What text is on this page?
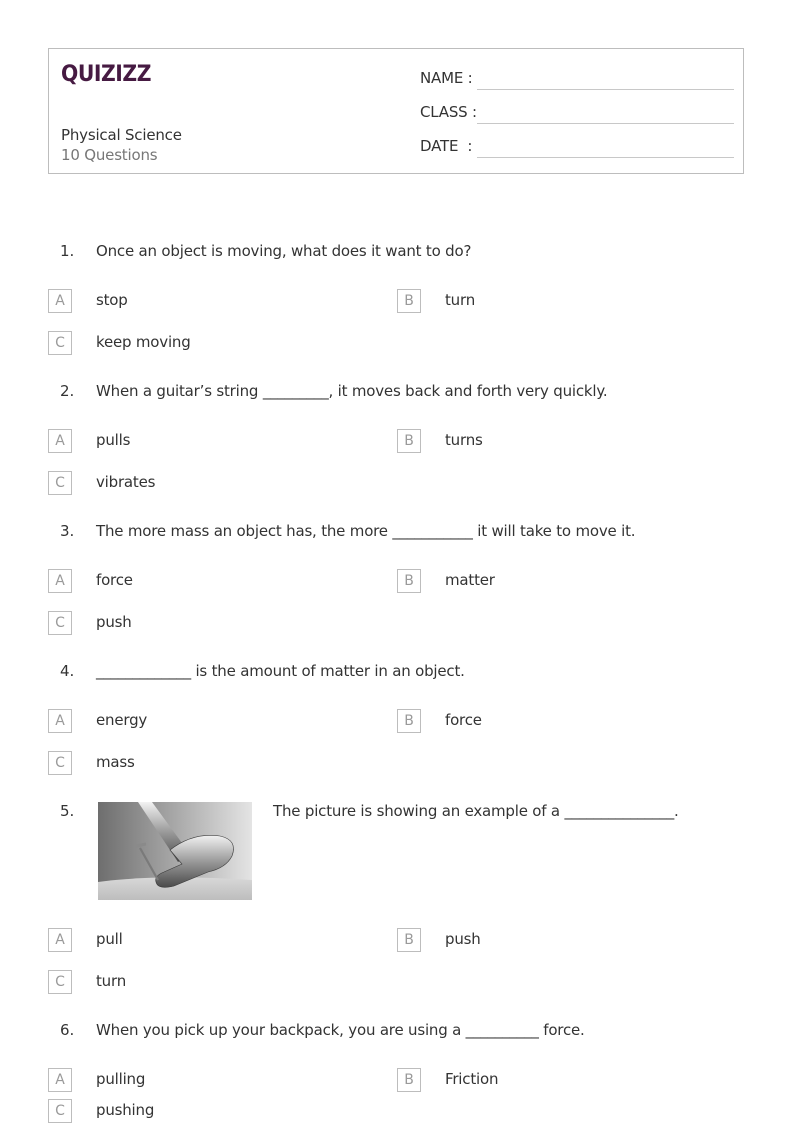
QUIZIZZ
Physical Science
10 Questions
NAME :
CLASS :
DATE  :
1. Once an object is moving, what does it want to do?
A	stop	B	turn
C	keep moving
2. When a guitar’s string _________, it moves back and forth very quickly.
A	pulls	B	turns
C	vibrates
3. The more mass an object has, the more ___________ it will take to move it.
A	force	B	matter
C	push
4. _____________ is the amount of matter in an object.
A	energy	B	force
C	mass
5.	The picture is showing an example of a _______________.
A	pull	B	push
C	turn
6. When you pick up your backpack, you are using a __________ force.
A	pulling	B	Friction
C	pushing
